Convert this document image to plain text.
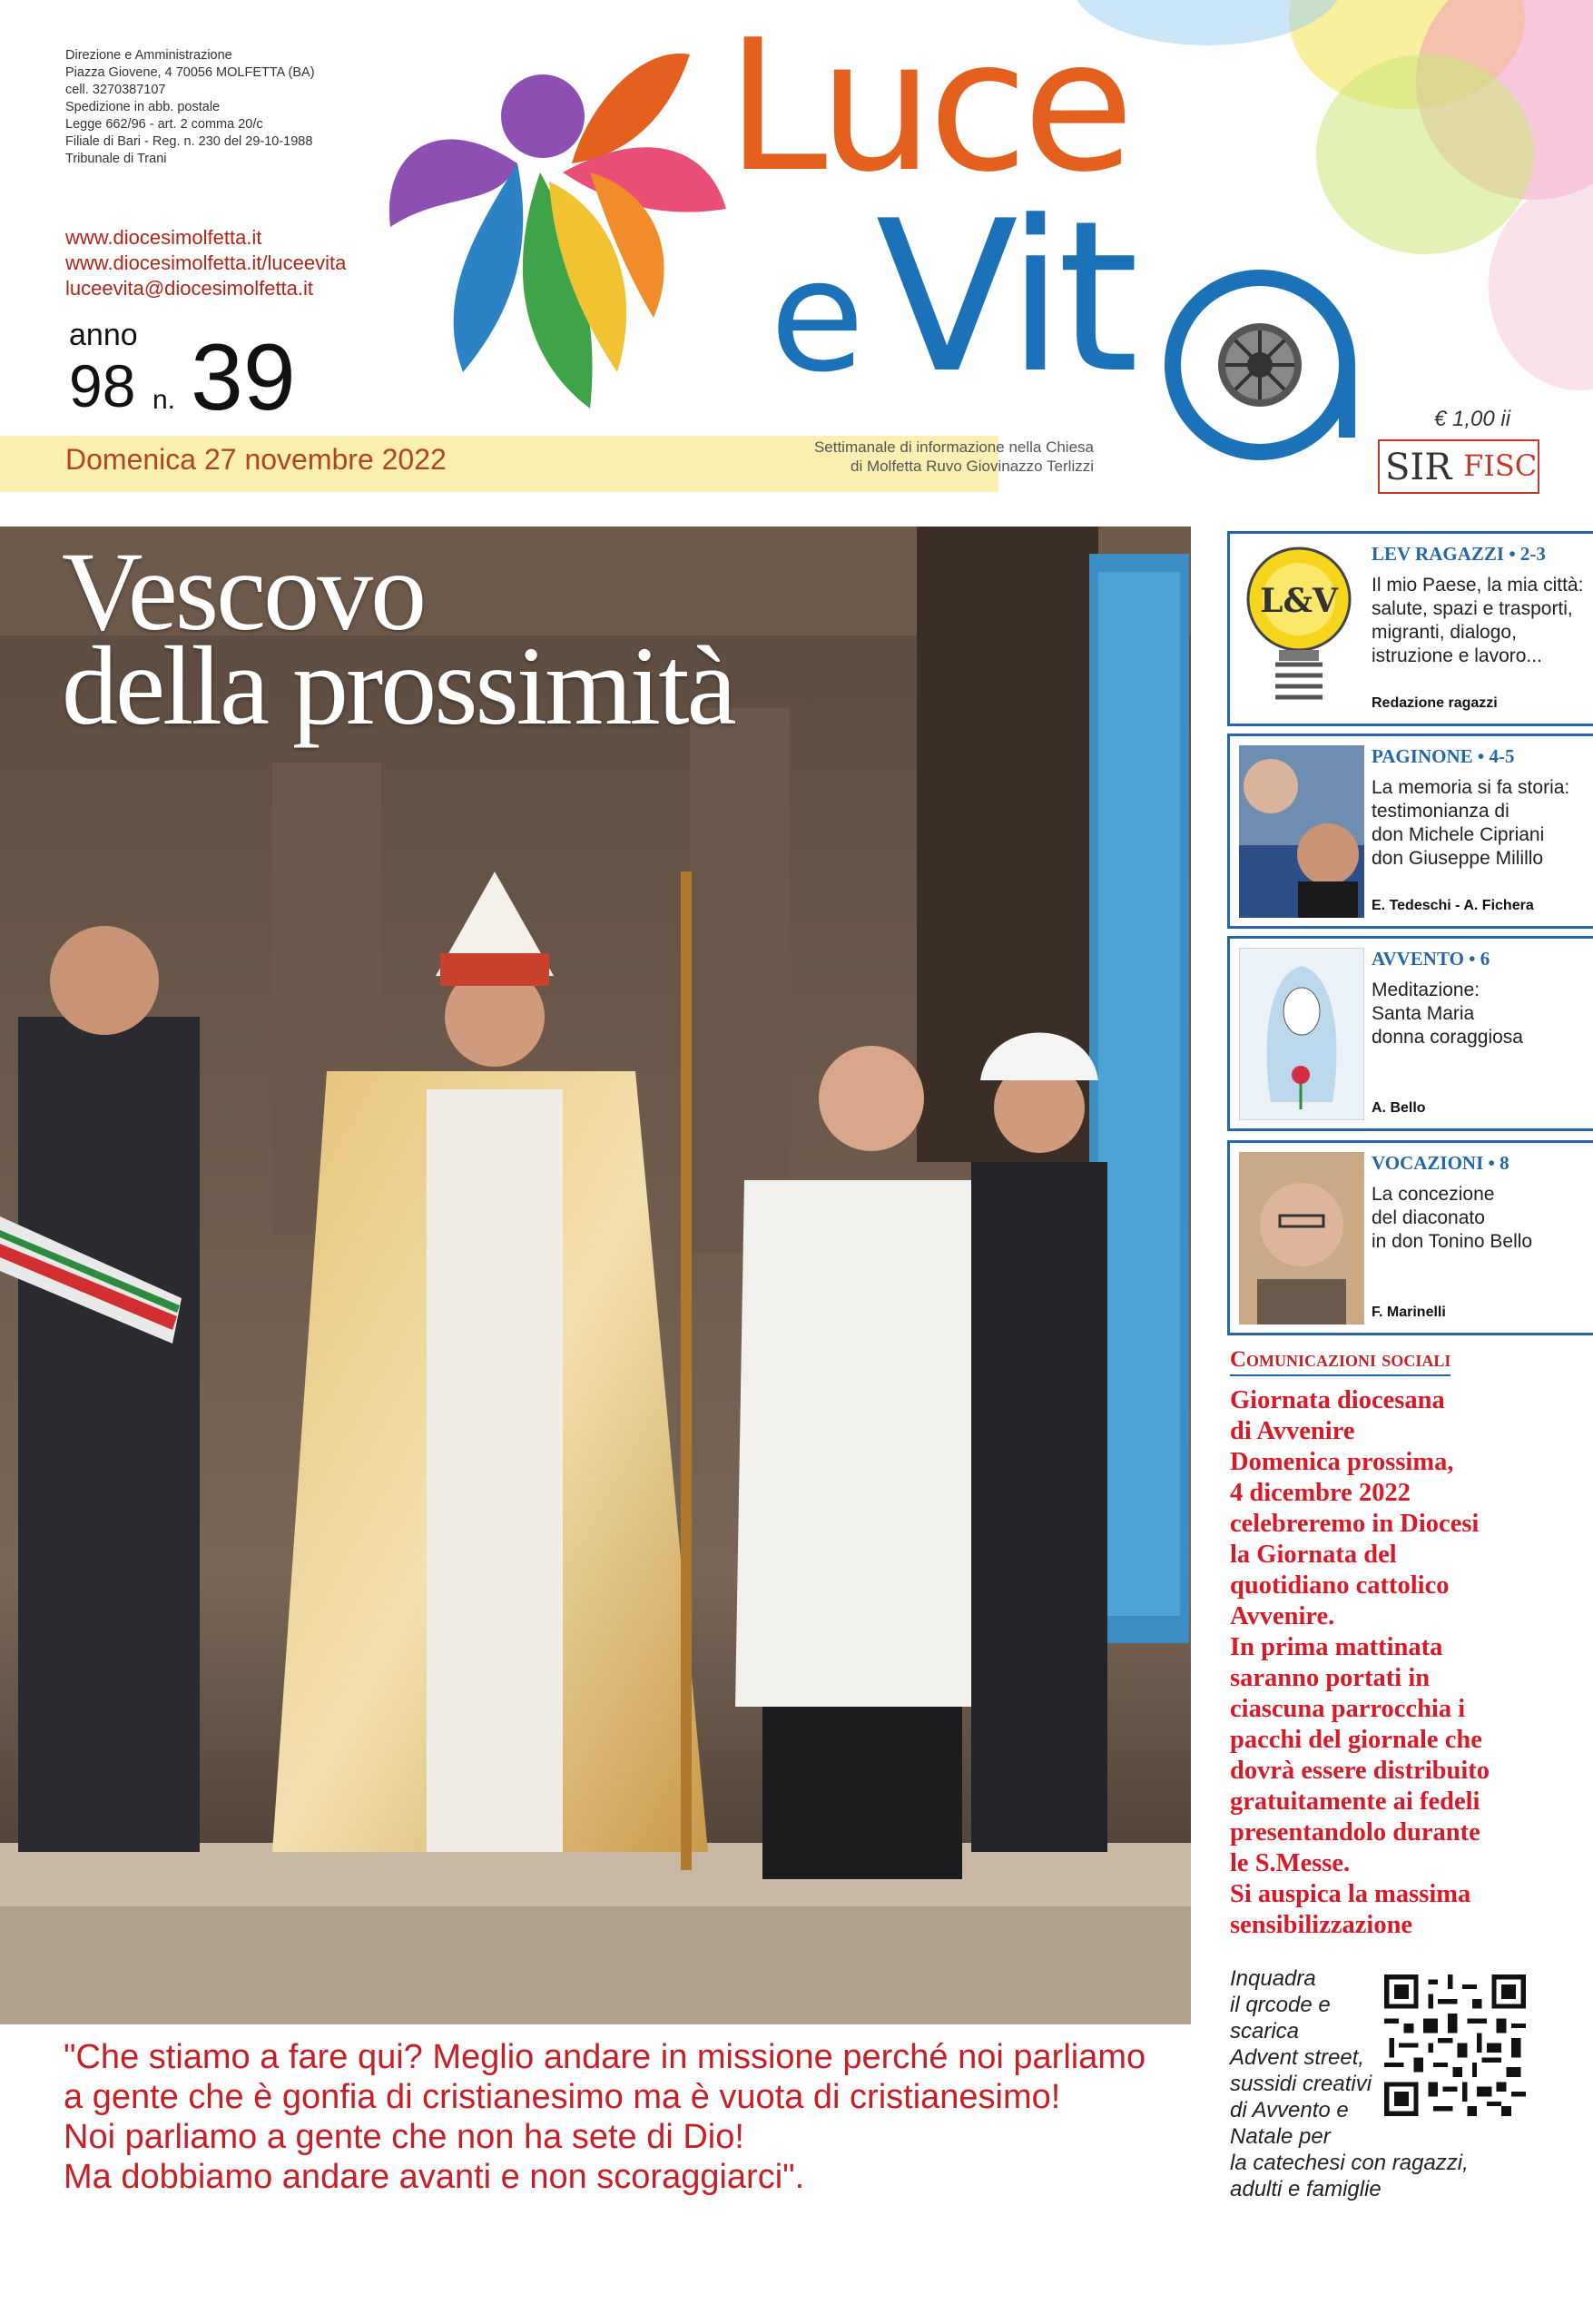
Direzione e Amministrazione
Piazza Giovene, 4 70056 MOLFETTA (BA)
cell. 3270387107
Spedizione in abb. postale
Legge 662/96 - art. 2 comma 20/c
Filiale di Bari - Reg. n. 230 del 29-10-1988
Tribunale di Trani
www.diocesimolfetta.it
www.diocesimolfetta.it/luceevita
luceevita@diocesimolfetta.it
anno
98 n. 39
Domenica 27 novembre 2022	Settimanale di informazione nella Chiesa
di Molfetta Ruvo Giovinazzo Terlizzi
Luce
eVit	€ 1,00 ii
SIR FISC
Vescovo
della prossimità
"Che stiamo a fare qui? Meglio andare in missione perché noi parliamo
a gente che è gonfia di cristianesimo ma è vuota di cristianesimo!
Noi parliamo a gente che non ha sete di Dio!
Ma dobbiamo andare avanti e non scoraggiarci".
L&V
LEV RAGAZZI • 2-3
Il mio Paese, la mia città:
salute, spazi e trasporti,
migranti, dialogo,
istruzione e lavoro...
Redazione ragazzi
PAGINONE • 4-5
La memoria si fa storia:
testimonianza di
don Michele Cipriani
don Giuseppe Milillo
E. Tedeschi - A. Fichera
AVVENTO • 6
Meditazione:
Santa Maria
donna coraggiosa
A. Bello
VOCAZIONI • 8
La concezione
del diaconato
in don Tonino Bello
F. Marinelli
Comunicazioni sociali
Giornata diocesana
di Avvenire
Domenica prossima,
4 dicembre 2022
celebreremo in Diocesi
la Giornata del
quotidiano cattolico
Avvenire.
In prima mattinata
saranno portati in
ciascuna parrocchia i
pacchi del giornale che
dovrà essere distribuito
gratuitamente ai fedeli
presentandolo durante
le S.Messe.
Si auspica la massima
sensibilizzazione
Inquadra
il qrcode e
scarica
Advent street,
sussidi creativi
di Avvento e
Natale per
la catechesi con ragazzi,
adulti e famiglie
